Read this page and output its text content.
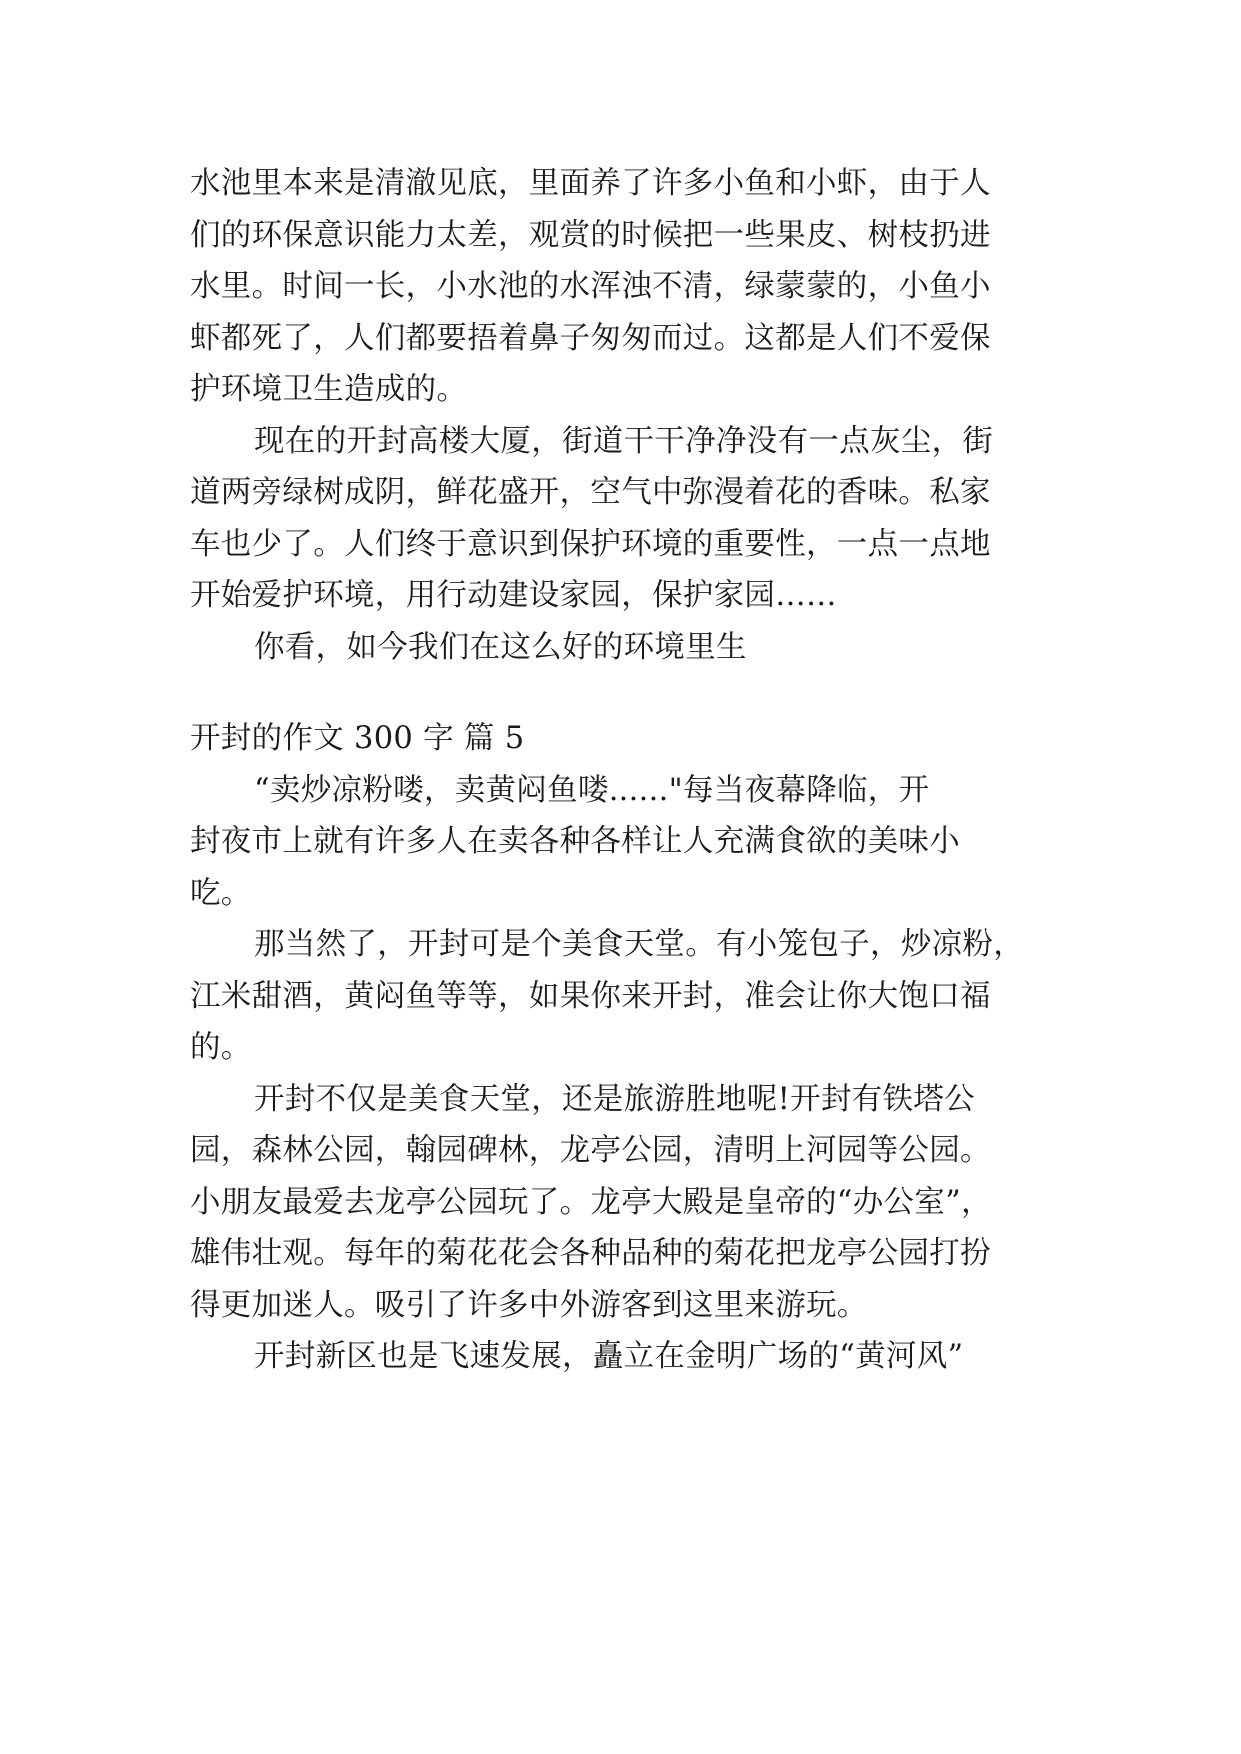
水池里本来是清澈见底，里面养了许多小鱼和小虾，由于人
们的环保意识能力太差，观赏的时候把一些果皮、树枝扔进
水里。时间一长，小水池的水浑浊不清，绿蒙蒙的，小鱼小
虾都死了，人们都要捂着鼻子匆匆而过。这都是人们不爱保
护环境卫生造成的。
现在的开封高楼大厦，街道干干净净没有一点灰尘，街
道两旁绿树成阴，鲜花盛开，空气中弥漫着花的香味。私家
车也少了。人们终于意识到保护环境的重要性，一点一点地
开始爱护环境，用行动建设家园，保护家园……
你看，如今我们在这么好的环境里生
开封的作文 300 字 篇 5
“卖炒凉粉喽，卖黄闷鱼喽......"每当夜幕降临，开
封夜市上就有许多人在卖各种各样让人充满食欲的美味小
吃。
那当然了，开封可是个美食天堂。有小笼包子，炒凉粉，
江米甜酒，黄闷鱼等等，如果你来开封，准会让你大饱口福
的。
开封不仅是美食天堂，还是旅游胜地呢!开封有铁塔公
园，森林公园，翰园碑林，龙亭公园，清明上河园等公园。
小朋友最爱去龙亭公园玩了。龙亭大殿是皇帝的“办公室”，
雄伟壮观。每年的菊花花会各种品种的菊花把龙亭公园打扮
得更加迷人。吸引了许多中外游客到这里来游玩。
开封新区也是飞速发展，矗立在金明广场的“黄河风”
